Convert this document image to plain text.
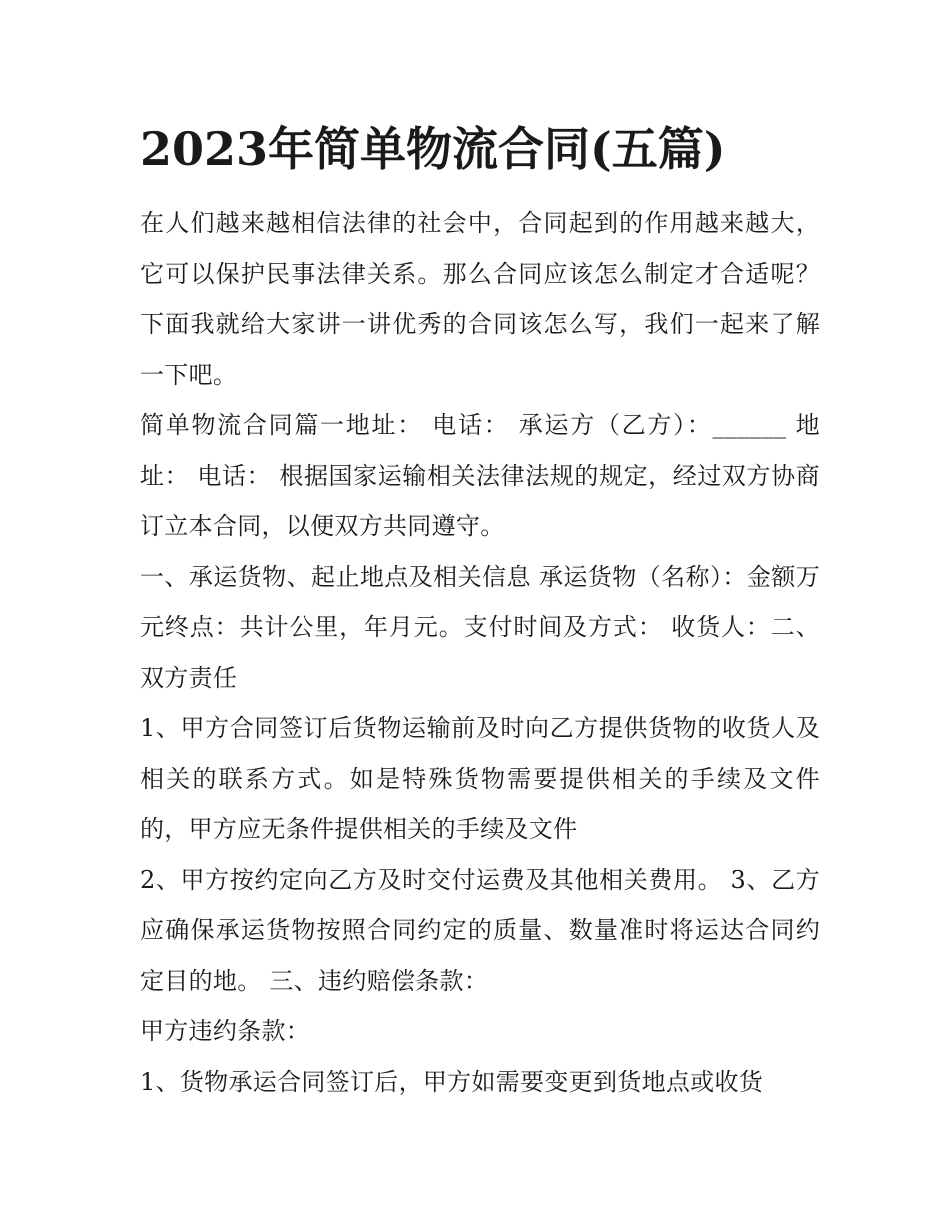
2023年简单物流合同(五篇)

在人们越来越相信法律的社会中，合同起到的作用越来越大，它可以保护民事法律关系。那么合同应该怎么制定才合适呢？下面我就给大家讲一讲优秀的合同该怎么写，我们一起来了解一下吧。

简单物流合同篇一地址： 电话： 承运方（乙方）：______ 地址： 电话： 根据国家运输相关法律法规的规定，经过双方协商订立本合同，以便双方共同遵守。

一、承运货物、起止地点及相关信息 承运货物（名称）：金额万元终点：共计公里，年月元。支付时间及方式： 收货人：二、双方责任

1、甲方合同签订后货物运输前及时向乙方提供货物的收货人及相关的联系方式。如是特殊货物需要提供相关的手续及文件的，甲方应无条件提供相关的手续及文件

2、甲方按约定向乙方及时交付运费及其他相关费用。 3、乙方应确保承运货物按照合同约定的质量、数量准时将运达合同约定目的地。 三、违约赔偿条款：

甲方违约条款：

1、货物承运合同签订后，甲方如需要变更到货地点或收货
